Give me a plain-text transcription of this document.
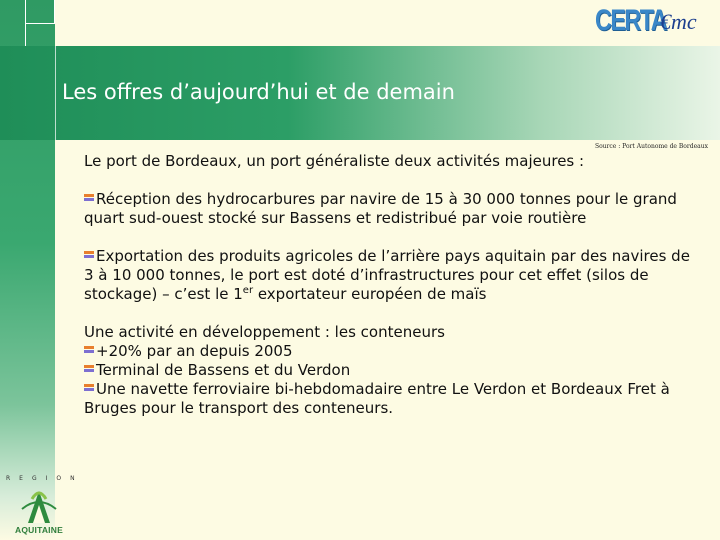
Les offres d’aujourd’hui et de demain
CERTA
€mc

Source : Port Autonome de Bordeaux

Le port de Bordeaux, un port généraliste deux activités majeures :

Réception des hydrocarbures par navire de 15 à 30 000 tonnes pour le grand quart sud-ouest stocké sur Bassens et redistribué par voie routière

Exportation des produits agricoles de l’arrière pays aquitain par des navires de 3 à 10 000 tonnes, le port est doté d’infrastructures pour cet effet (silos de stockage) – c’est le 1er exportateur européen de maïs

Une activité en développement : les conteneurs

+20% par an depuis 2005

Terminal de Bassens et du Verdon

Une navette ferroviaire bi-hebdomadaire entre Le Verdon et Bordeaux Fret à Bruges pour le transport des conteneurs.

REGION
AQUITAINE
